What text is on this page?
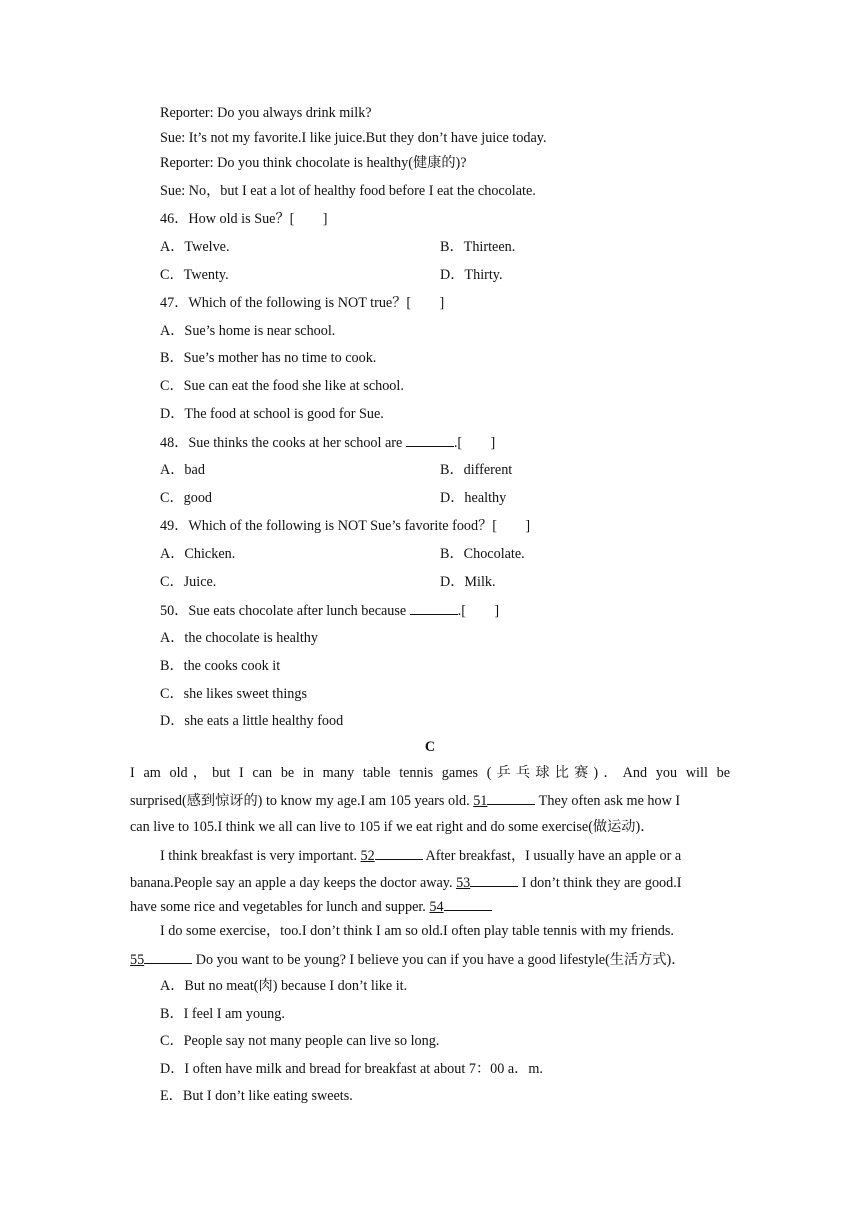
Reporter: Do you always drink milk?
Sue: It’s not my favorite.I like juice.But they don’t have juice today.
Reporter: Do you think chocolate is healthy(健康的)?
Sue: No，but I eat a lot of healthy food before I eat the chocolate.
46．How old is Sue？[　　]
A．Twelve.	B．Thirteen.
C．Twenty.	D．Thirty.
47．Which of the following is NOT true？[　　]
A．Sue’s home is near school.
B．Sue’s mother has no time to cook.
C．Sue can eat the food she like at school.
D．The food at school is good for Sue.
48．Sue thinks the cooks at her school are	.[　　]
A．bad	B．different
C．good	D．healthy
49．Which of the following is NOT Sue’s favorite food？[　　]
A．Chicken.	B．Chocolate.
C．Juice.	D．Milk.
50．Sue eats chocolate after lunch because	.[　　]
A．the chocolate is healthy
B．the cooks cook it
C．she likes sweet things
D．she eats a little healthy food
C
I am old，but I can be in many table tennis games (乒乓球比赛)．And you will be
surprised(感到惊讶的) to know my age.I am 105 years old. 51	They often ask me how I
can live to 105.I think we all can live to 105 if we eat right and do some exercise(做运动)．
I think breakfast is very important. 52	After breakfast，I usually have an apple or a
banana.People say an apple a day keeps the doctor away. 53	I don’t think they are good.I
have some rice and vegetables for lunch and supper. 54
I do some exercise，too.I don’t think I am so old.I often play table tennis with my friends.
55	Do you want to be young? I believe you can if you have a good lifestyle(生活方式)．
A．But no meat(肉) because I don’t like it.
B．I feel I am young.
C．People say not many people can live so long.
D．I often have milk and bread for breakfast at about 7：00 a．m.
E．But I don’t like eating sweets.
